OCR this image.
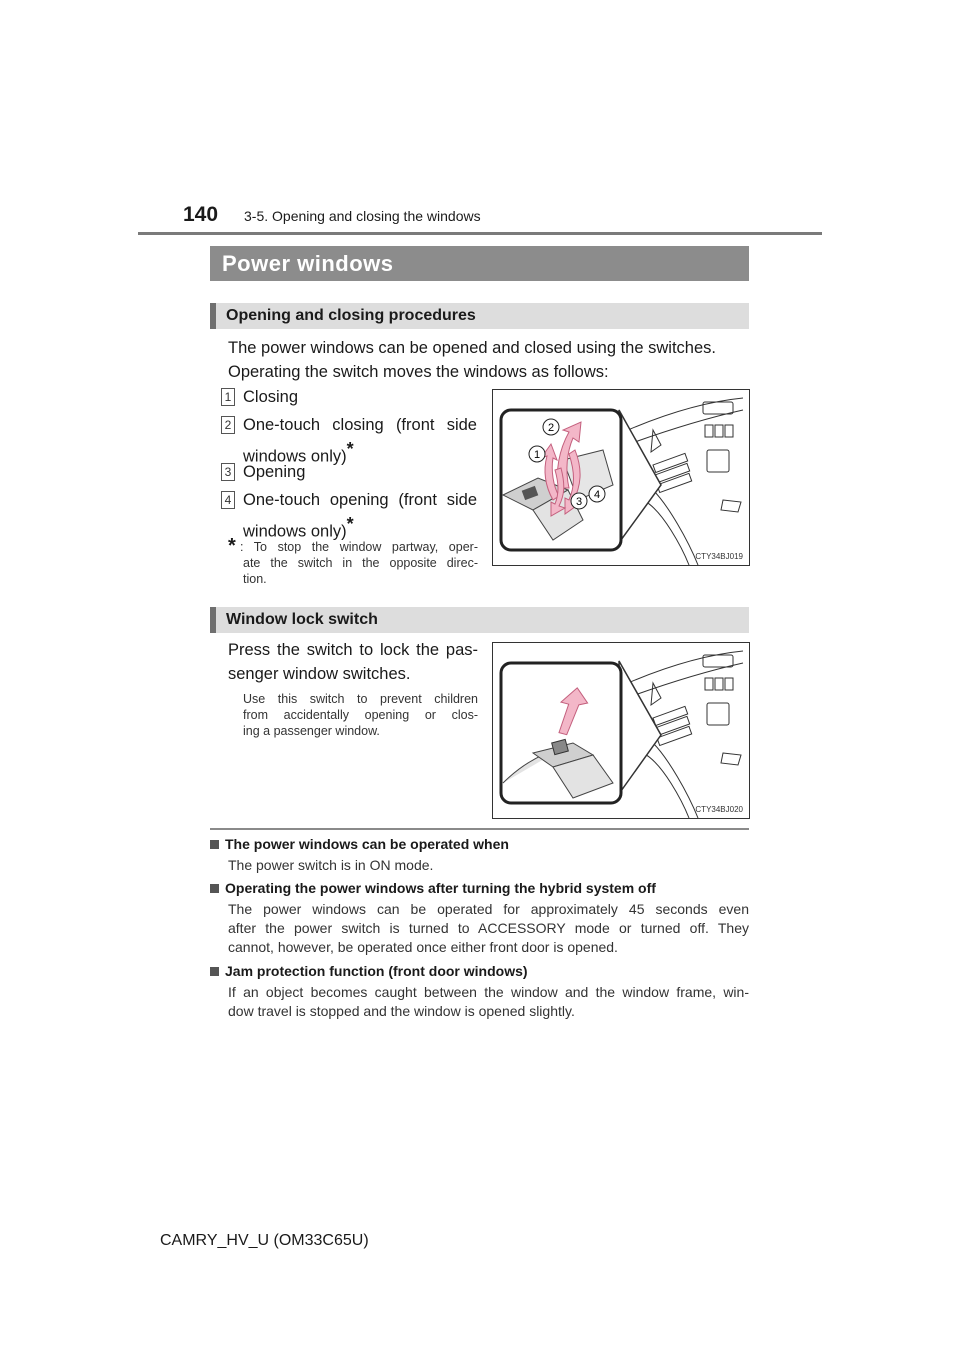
140 3-5. Opening and closing the windows
Power windows
Opening and closing procedures
The power windows can be opened and closed using the switches.
Operating the switch moves the windows as follows:
1 Closing
2 One-touch closing (front side
windows only)*
3 Opening
4 One-touch opening (front side
windows only)*
* : To stop the window partway, oper-
ate the switch in the opposite direc-
tion.
2
1
3
4
CTY34BJ019
Window lock switch
Press the switch to lock the pas-
senger window switches.
Use this switch to prevent children
from accidentally opening or clos-
ing a passenger window.
CTY34BJ020
The power windows can be operated when
The power switch is in ON mode.
Operating the power windows after turning the hybrid system off
The power windows can be operated for approximately 45 seconds even
after the power switch is turned to ACCESSORY mode or turned off. They
cannot, however, be operated once either front door is opened.
Jam protection function (front door windows)
If an object becomes caught between the window and the window frame, win-
dow travel is stopped and the window is opened slightly.
CAMRY_HV_U (OM33C65U)
